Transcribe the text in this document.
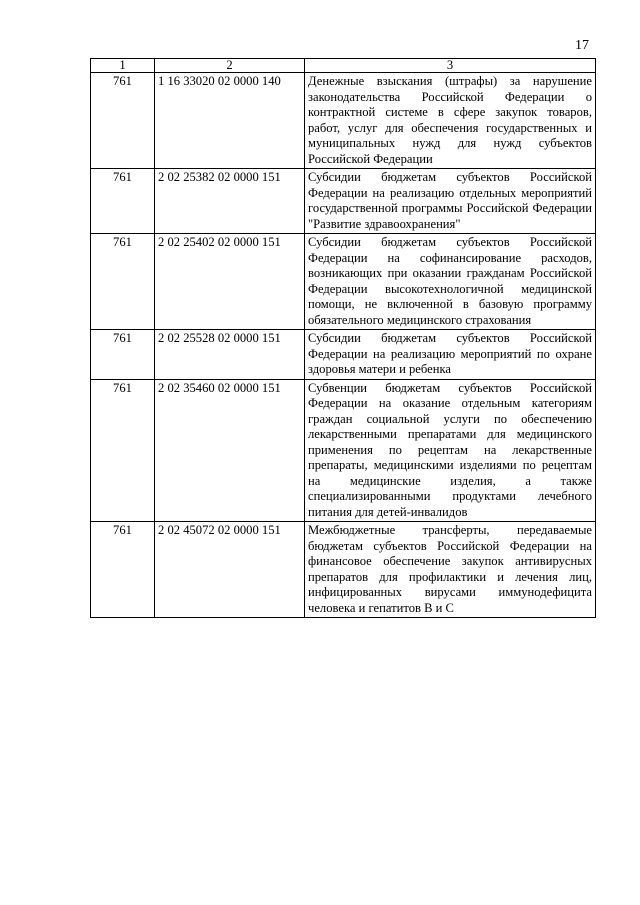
17
1	2	3
761	1 16 33020 02 0000 140	Денежные взыскания (штрафы) за нарушение законодательства Российской Федерации о контрактной системе в сфере закупок товаров, работ, услуг для обеспечения государственных и муниципальных нужд для нужд субъектов Российской Федерации
761	2 02 25382 02 0000 151	Субсидии бюджетам субъектов Российской Федерации на реализацию отдельных мероприятий государственной программы Российской Федерации "Развитие здравоохранения"
761	2 02 25402 02 0000 151	Субсидии бюджетам субъектов Российской Федерации на софинансирование расходов, возникающих при оказании гражданам Российской Федерации высокотехнологичной медицинской помощи, не включенной в базовую программу обязательного медицинского страхования
761	2 02 25528 02 0000 151	Субсидии бюджетам субъектов Российской Федерации на реализацию мероприятий по охране здоровья матери и ребенка
761	2 02 35460 02 0000 151	Субвенции бюджетам субъектов Российской Федерации на оказание отдельным категориям граждан социальной услуги по обеспечению лекарственными препаратами для медицинского применения по рецептам на лекарственные препараты, медицинскими изделиями по рецептам на медицинские изделия, а также специализированными продуктами лечебного питания для детей-инвалидов
761	2 02 45072 02 0000 151	Межбюджетные трансферты, передаваемые бюджетам субъектов Российской Федерации на финансовое обеспечение закупок антивирусных препаратов для профилактики и лечения лиц, инфицированных вирусами иммунодефицита человека и гепатитов B и C
